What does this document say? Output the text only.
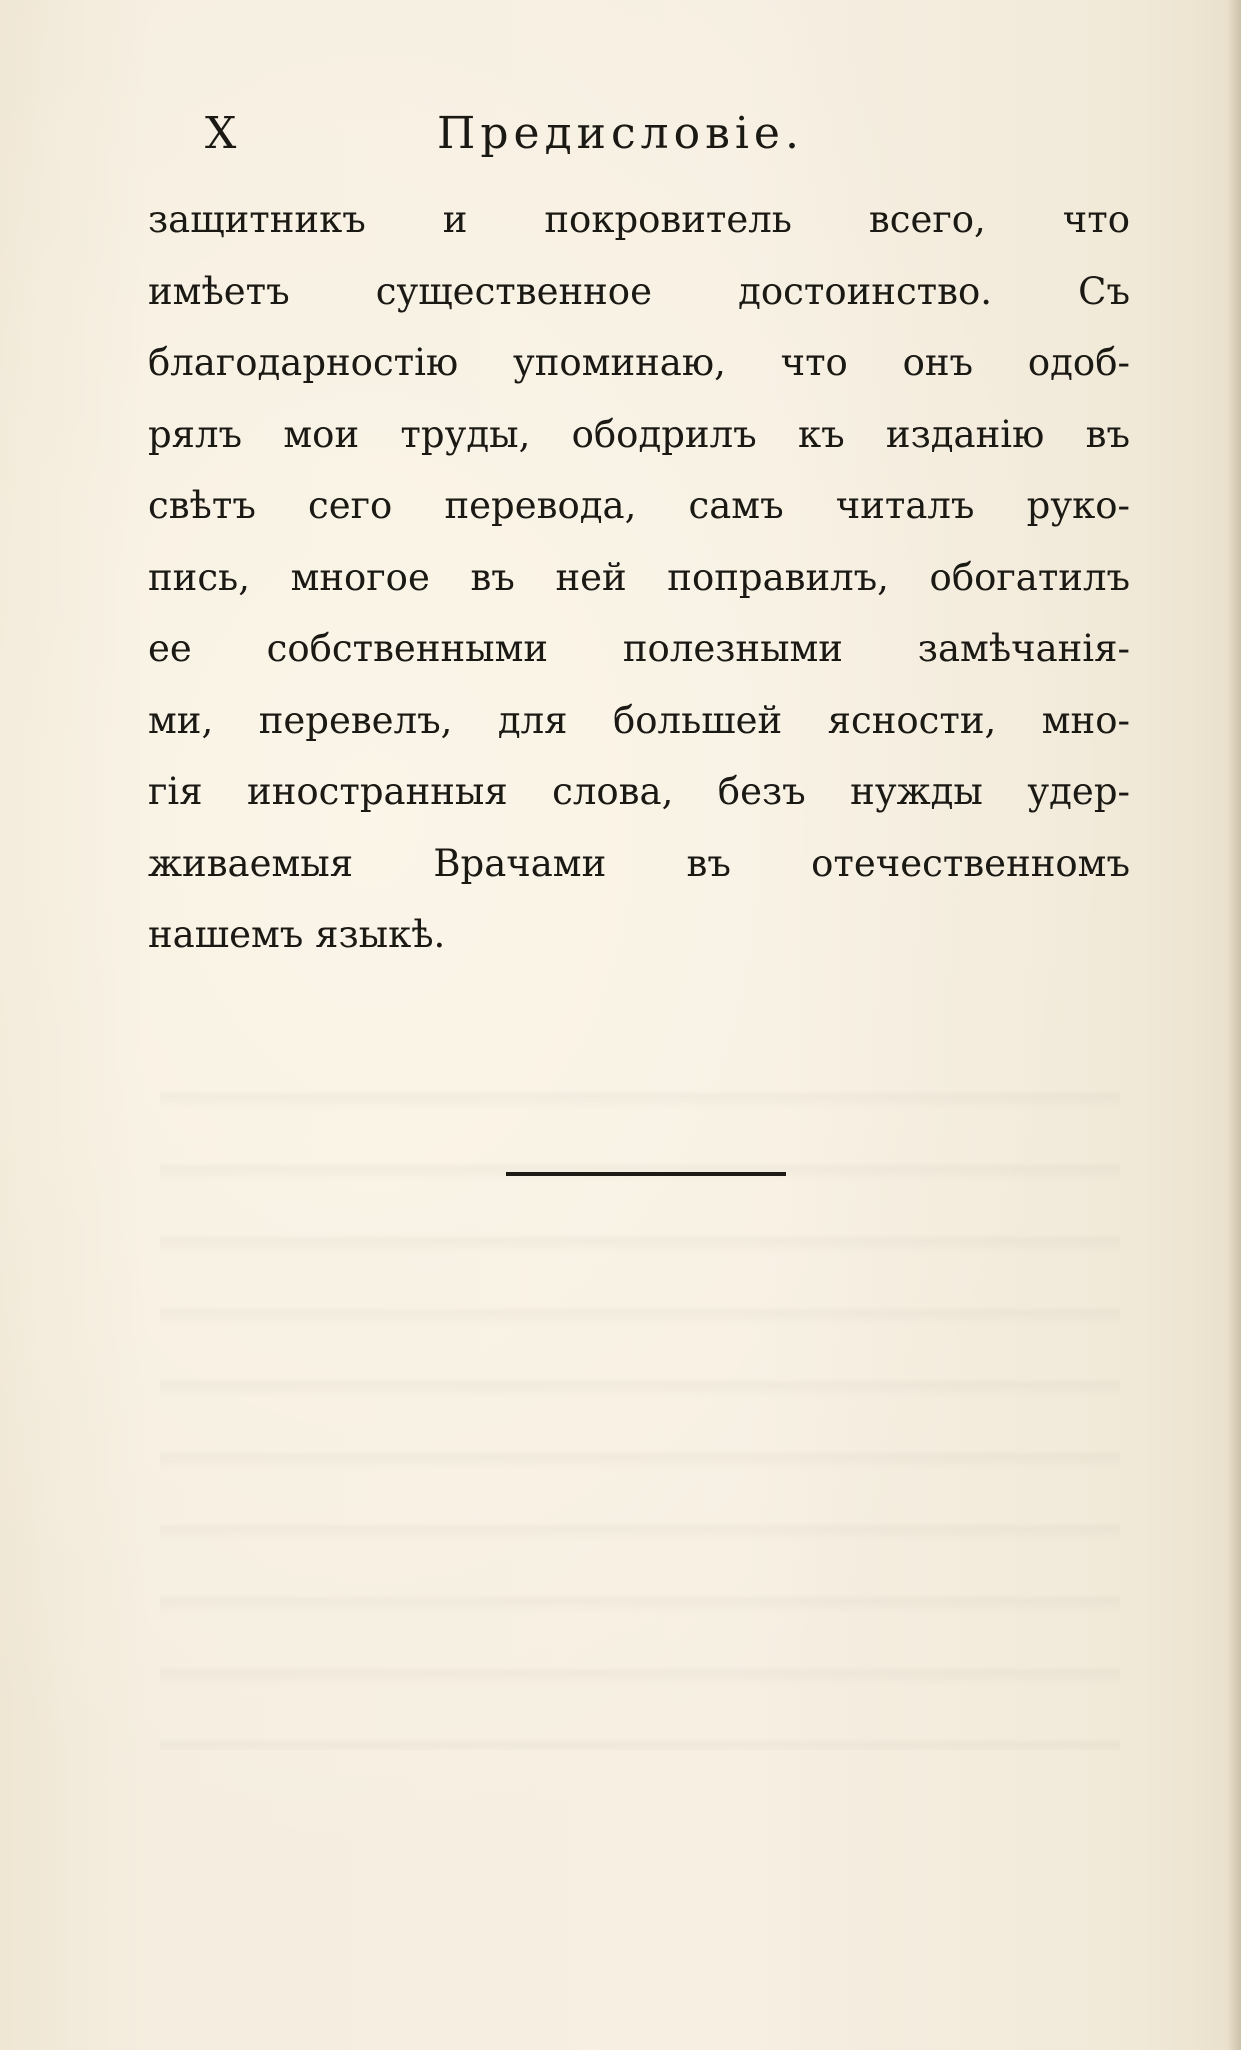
X	Предисловiе.
защитникъ и покровитель всего, что
имѣетъ существенное достоинство. Съ
благодарностiю упоминаю, что онъ одоб-
рялъ мои труды, ободрилъ къ изданiю въ
свѣтъ сего перевода, самъ читалъ руко-
пись, многое въ ней поправилъ, обогатилъ
ее собственными полезными замѣчанiя-
ми, перевелъ, для большей ясности, мно-
гiя иностранныя слова, безъ нужды удер-
живаемыя Врачами въ отечественномъ
нашемъ языкѣ.
